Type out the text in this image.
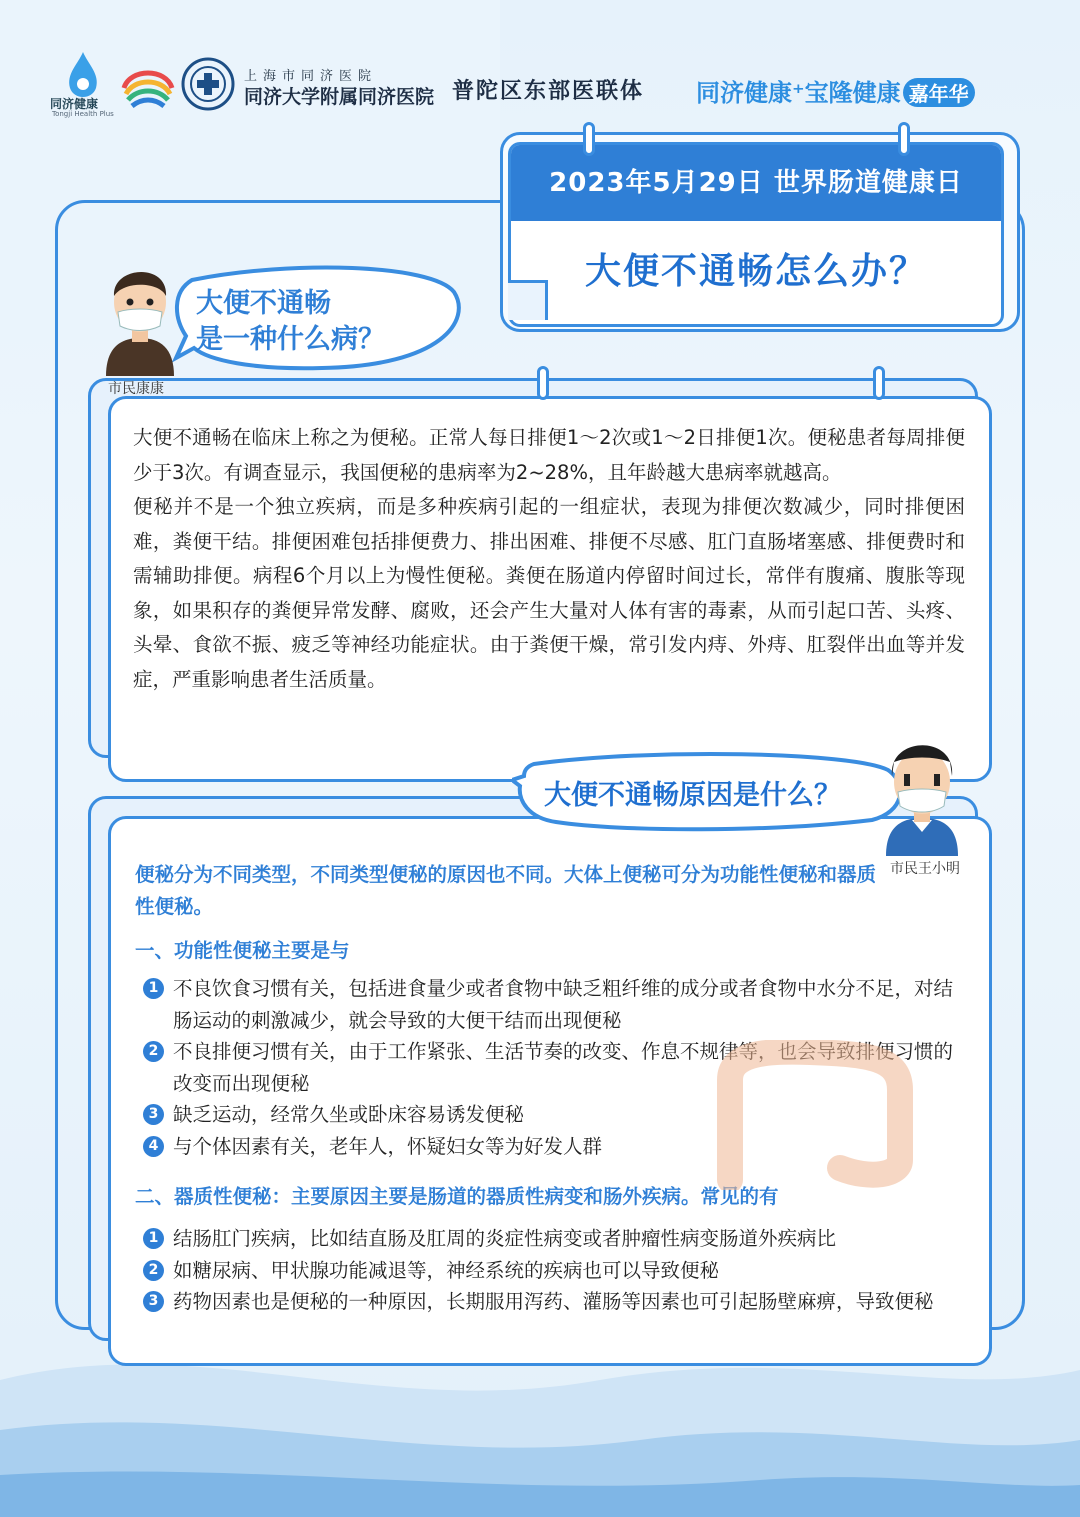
同济健康
Tongji Health Plus
上海市同济医院
同济大学附属同济医院 普陀区东部医联体 同济健康⁺宝隆健康 嘉年华
2023年5月29日 世界肠道健康日
大便不通畅怎么办？

大便不通畅在临床上称之为便秘。正常人每日排便1～2次或1～2日排便1次。便秘患者每周排便少于3次。有调查显示，我国便秘的患病率为2~28%，且年龄越大患病率就越高。

便秘并不是一个独立疾病，而是多种疾病引起的一组症状，表现为排便次数减少，同时排便困难，粪便干结。排便困难包括排便费力、排出困难、排便不尽感、肛门直肠堵塞感、排便费时和需辅助排便。病程6个月以上为慢性便秘。粪便在肠道内停留时间过长，常伴有腹痛、腹胀等现象，如果积存的粪便异常发酵、腐败，还会产生大量对人体有害的毒素，从而引起口苦、头疼、头晕、食欲不振、疲乏等神经功能症状。由于粪便干燥，常引发内痔、外痔、肛裂伴出血等并发症，严重影响患者生活质量。

大便不通畅
是一种什么病？
市民康康
便秘分为不同类型，不同类型便秘的原因也不同。大体上便秘可分为功能性便秘和器质性便秘。
一、功能性便秘主要是与
1 不良饮食习惯有关，包括进食量少或者食物中缺乏粗纤维的成分或者食物中水分不足，对结肠运动的刺激减少，就会导致的大便干结而出现便秘
2 不良排便习惯有关，由于工作紧张、生活节奏的改变、作息不规律等，也会导致排便习惯的改变而出现便秘
3 缺乏运动，经常久坐或卧床容易诱发便秘
4 与个体因素有关，老年人，怀疑妇女等为好发人群
二、器质性便秘：主要原因主要是肠道的器质性病变和肠外疾病。常见的有
1 结肠肛门疾病，比如结直肠及肛周的炎症性病变或者肿瘤性病变肠道外疾病比
2 如糖尿病、甲状腺功能减退等，神经系统的疾病也可以导致便秘
3 药物因素也是便秘的一种原因，长期服用泻药、灌肠等因素也可引起肠壁麻痹，导致便秘
大便不通畅原因是什么？
市民王小明
